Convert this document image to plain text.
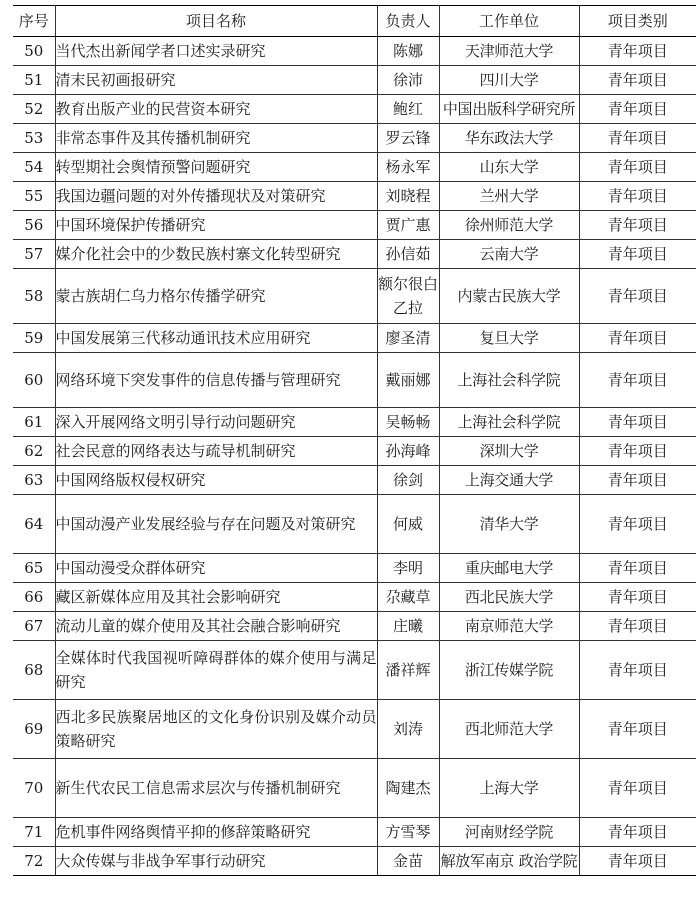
序号	项目名称	负责人	工作单位	项目类别
50	当代杰出新闻学者口述实录研究	陈娜	天津师范大学	青年项目
51	清末民初画报研究	徐沛	四川大学	青年项目
52	教育出版产业的民营资本研究	鲍红	中国出版科学研究所	青年项目
53	非常态事件及其传播机制研究	罗云锋	华东政法大学	青年项目
54	转型期社会舆情预警问题研究	杨永军	山东大学	青年项目
55	我国边疆问题的对外传播现状及对策研究	刘晓程	兰州大学	青年项目
56	中国环境保护传播研究	贾广惠	徐州师范大学	青年项目
57	媒介化社会中的少数民族村寨文化转型研究	孙信茹	云南大学	青年项目
58	蒙古族胡仁乌力格尔传播学研究	额尔很白乙拉	内蒙古民族大学	青年项目
59	中国发展第三代移动通讯技术应用研究	廖圣清	复旦大学	青年项目
60	网络环境下突发事件的信息传播与管理研究	戴丽娜	上海社会科学院	青年项目
61	深入开展网络文明引导行动问题研究	吴畅畅	上海社会科学院	青年项目
62	社会民意的网络表达与疏导机制研究	孙海峰	深圳大学	青年项目
63	中国网络版权侵权研究	徐剑	上海交通大学	青年项目
64	中国动漫产业发展经验与存在问题及对策研究	何威	清华大学	青年项目
65	中国动漫受众群体研究	李明	重庆邮电大学	青年项目
66	藏区新媒体应用及其社会影响研究	尕藏草	西北民族大学	青年项目
67	流动儿童的媒介使用及其社会融合影响研究	庄曦	南京师范大学	青年项目
68	全媒体时代我国视听障碍群体的媒介使用与满足研究	潘祥辉	浙江传媒学院	青年项目
69	西北多民族聚居地区的文化身份识别及媒介动员策略研究	刘涛	西北师范大学	青年项目
70	新生代农民工信息需求层次与传播机制研究	陶建杰	上海大学	青年项目
71	危机事件网络舆情平抑的修辞策略研究	方雪琴	河南财经学院	青年项目
72	大众传媒与非战争军事行动研究	金苗	解放军南京 政治学院	青年项目
